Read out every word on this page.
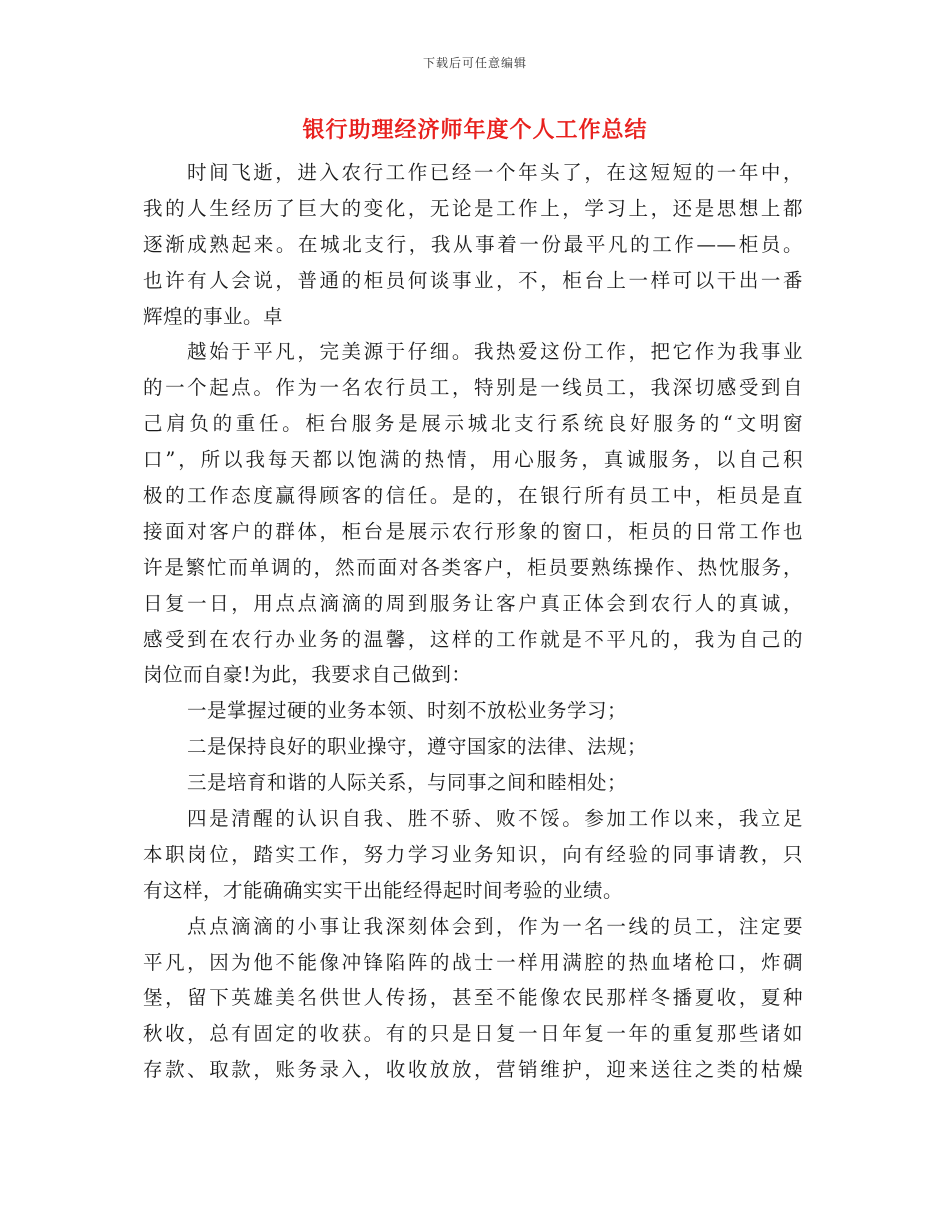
下载后可任意编辑
银行助理经济师年度个人工作总结
时间飞逝，进入农行工作已经一个年头了，在这短短的一年中，
我的人生经历了巨大的变化，无论是工作上，学习上，还是思想上都
逐渐成熟起来。在城北支行，我从事着一份最平凡的工作——柜员。
也许有人会说，普通的柜员何谈事业，不，柜台上一样可以干出一番
辉煌的事业。卓
越始于平凡，完美源于仔细。我热爱这份工作，把它作为我事业
的一个起点。作为一名农行员工，特别是一线员工，我深切感受到自
己肩负的重任。柜台服务是展示城北支行系统良好服务的“文明窗
口”，所以我每天都以饱满的热情，用心服务，真诚服务，以自己积
极的工作态度赢得顾客的信任。是的，在银行所有员工中，柜员是直
接面对客户的群体，柜台是展示农行形象的窗口，柜员的日常工作也
许是繁忙而单调的，然而面对各类客户，柜员要熟练操作、热忱服务，
日复一日，用点点滴滴的周到服务让客户真正体会到农行人的真诚，
感受到在农行办业务的温馨，这样的工作就是不平凡的，我为自己的
岗位而自豪!为此，我要求自己做到：
一是掌握过硬的业务本领、时刻不放松业务学习；
二是保持良好的职业操守，遵守国家的法律、法规；
三是培育和谐的人际关系，与同事之间和睦相处；
四是清醒的认识自我、胜不骄、败不馁。参加工作以来，我立足
本职岗位，踏实工作，努力学习业务知识，向有经验的同事请教，只
有这样，才能确确实实干出能经得起时间考验的业绩。
点点滴滴的小事让我深刻体会到，作为一名一线的员工，注定要
平凡，因为他不能像冲锋陷阵的战士一样用满腔的热血堵枪口，炸碉
堡，留下英雄美名供世人传扬，甚至不能像农民那样冬播夏收，夏种
秋收，总有固定的收获。有的只是日复一日年复一年的重复那些诸如
存款、取款，账务录入，收收放放，营销维护，迎来送往之类的枯燥
